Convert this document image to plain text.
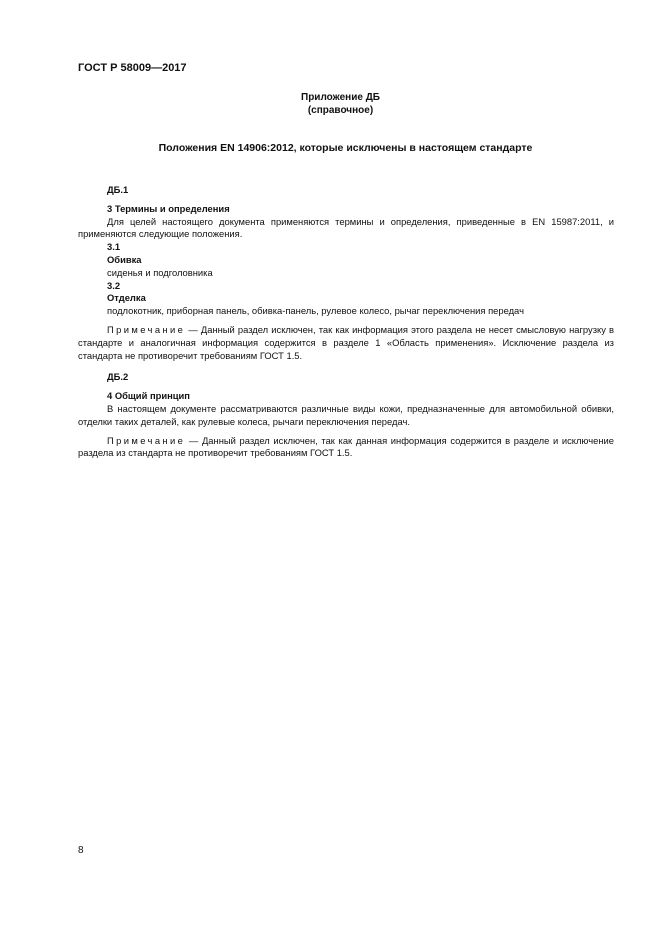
ГОСТ Р 58009—2017
Приложение ДБ
(справочное)
Положения EN 14906:2012, которые исключены в настоящем стандарте
ДБ.1
3 Термины и определения

Для целей настоящего документа применяются термины и определения, приведенные в EN 15987:2011, и применяются следующие положения.

3.1
Обивка
сиденья и подголовника
3.2
Отделка
подлокотник, приборная панель, обивка-панель, рулевое колесо, рычаг переключения передач

Примечание — Данный раздел исключен, так как информация этого раздела не несет смысловую нагрузку в стандарте и аналогичная информация содержится в разделе 1 «Область применения». Исключение раздела из стандарта не противоречит требованиям ГОСТ 1.5.

ДБ.2
4 Общий принцип

В настоящем документе рассматриваются различные виды кожи, предназначенные для автомобильной обивки, отделки таких деталей, как рулевые колеса, рычаги переключения передач.

Примечание — Данный раздел исключен, так как данная информация содержится в разделе и исключение раздела из стандарта не противоречит требованиям ГОСТ 1.5.

8
